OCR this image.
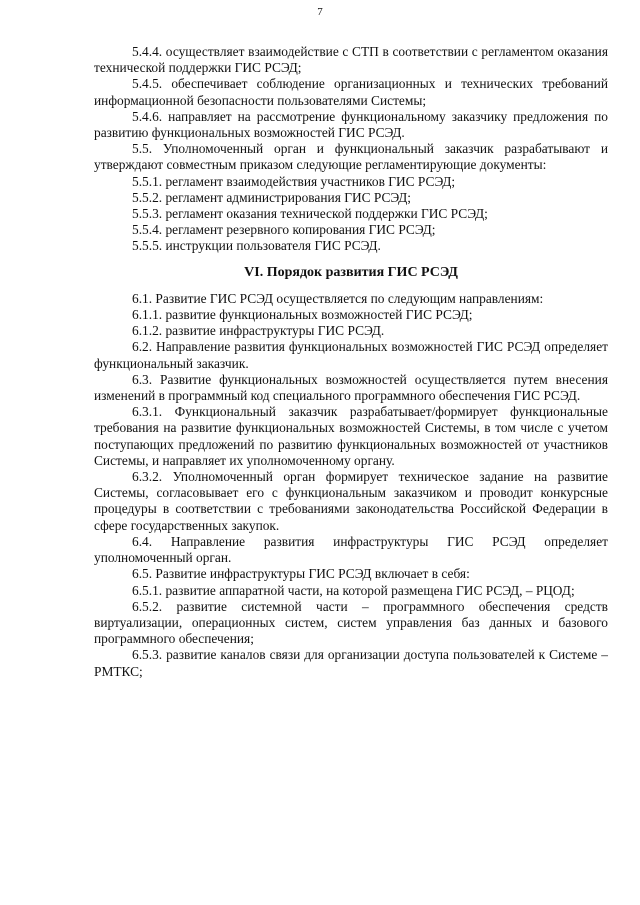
7

5.4.4. осуществляет взаимодействие с СТП в соответствии с регламентом оказания технической поддержки ГИС РСЭД;

5.4.5. обеспечивает соблюдение организационных и технических требований информационной безопасности пользователями Системы;

5.4.6. направляет на рассмотрение функциональному заказчику предложения по развитию функциональных возможностей ГИС РСЭД.

5.5. Уполномоченный орган и функциональный заказчик разрабатывают и утверждают совместным приказом следующие регламентирующие документы:

5.5.1. регламент взаимодействия участников ГИС РСЭД;

5.5.2. регламент администрирования ГИС РСЭД;

5.5.3. регламент оказания технической поддержки ГИС РСЭД;

5.5.4. регламент резервного копирования ГИС РСЭД;

5.5.5. инструкции пользователя ГИС РСЭД.

VI. Порядок развития ГИС РСЭД

6.1. Развитие ГИС РСЭД осуществляется по следующим направлениям:

6.1.1. развитие функциональных возможностей ГИС РСЭД;

6.1.2. развитие инфраструктуры ГИС РСЭД.

6.2. Направление развития функциональных возможностей ГИС РСЭД определяет функциональный заказчик.

6.3. Развитие функциональных возможностей осуществляется путем внесения изменений в программный код специального программного обеспечения ГИС РСЭД.

6.3.1. Функциональный заказчик разрабатывает/формирует функциональные требования на развитие функциональных возможностей Системы, в том числе с учетом поступающих предложений по развитию функциональных возможностей от участников Системы, и направляет их уполномоченному органу.

6.3.2. Уполномоченный орган формирует техническое задание на развитие Системы, согласовывает его с функциональным заказчиком и проводит конкурсные процедуры в соответствии с требованиями законодательства Российской Федерации в сфере государственных закупок.

6.4. Направление развития инфраструктуры ГИС РСЭД определяет уполномоченный орган.

6.5. Развитие инфраструктуры ГИС РСЭД включает в себя:

6.5.1. развитие аппаратной части, на которой размещена ГИС РСЭД, – РЦОД;

6.5.2. развитие системной части – программного обеспечения средств виртуализации, операционных систем, систем управления баз данных и базового программного обеспечения;

6.5.3. развитие каналов связи для организации доступа пользователей к Системе – РМТКС;
